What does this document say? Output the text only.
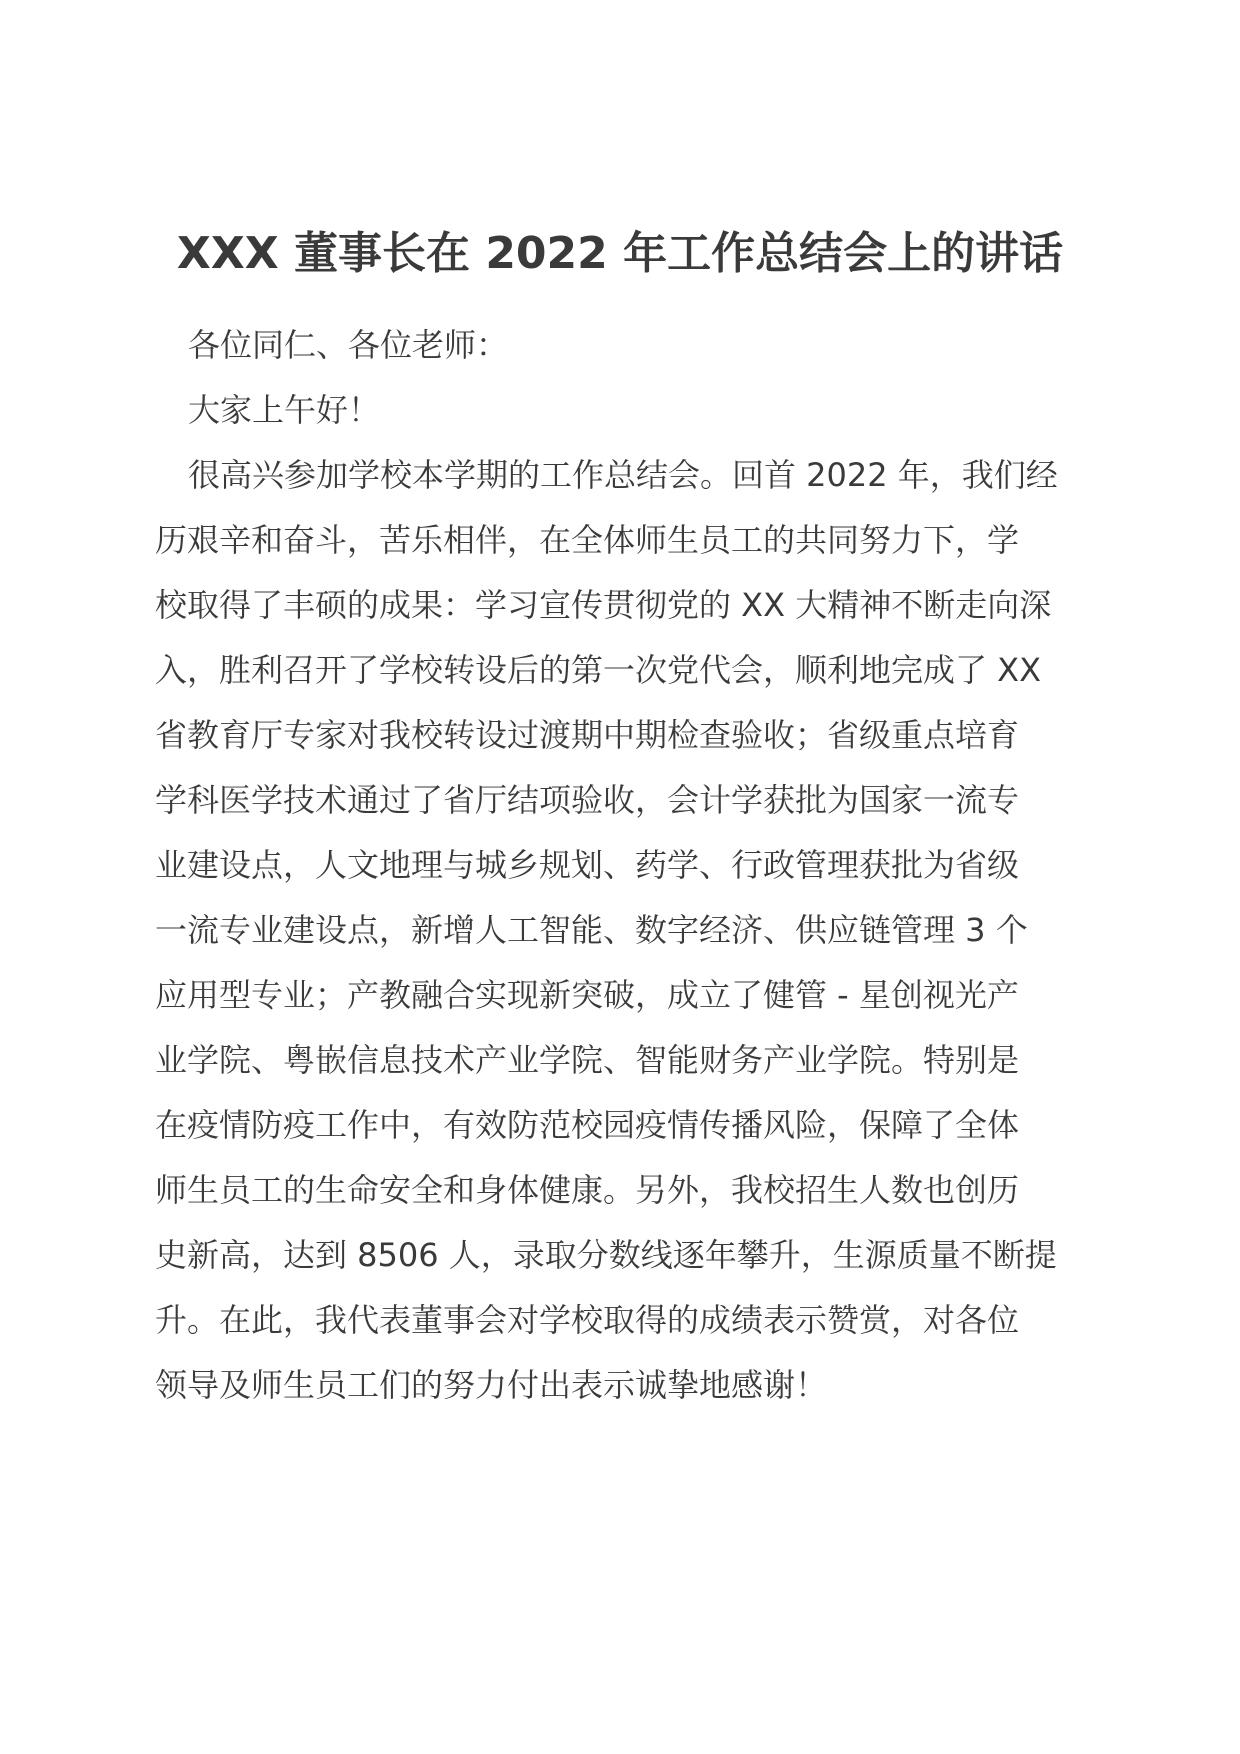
XXX 董事长在 2022 年工作总结会上的讲话

各位同仁、各位老师：

大家上午好！

很高兴参加学校本学期的工作总结会。回首 2022 年，我们经
历艰辛和奋斗，苦乐相伴，在全体师生员工的共同努力下，学
校取得了丰硕的成果：学习宣传贯彻党的 XX 大精神不断走向深
入，胜利召开了学校转设后的第一次党代会，顺利地完成了 XX
省教育厅专家对我校转设过渡期中期检查验收；省级重点培育
学科医学技术通过了省厅结项验收，会计学获批为国家一流专
业建设点，人文地理与城乡规划、药学、行政管理获批为省级
一流专业建设点，新增人工智能、数字经济、供应链管理 3 个
应用型专业；产教融合实现新突破，成立了健管 - 星创视光产
业学院、粤嵌信息技术产业学院、智能财务产业学院。特别是
在疫情防疫工作中，有效防范校园疫情传播风险，保障了全体
师生员工的生命安全和身体健康。另外，我校招生人数也创历
史新高，达到 8506 人，录取分数线逐年攀升，生源质量不断提
升。在此，我代表董事会对学校取得的成绩表示赞赏，对各位
领导及师生员工们的努力付出表示诚挚地感谢！
